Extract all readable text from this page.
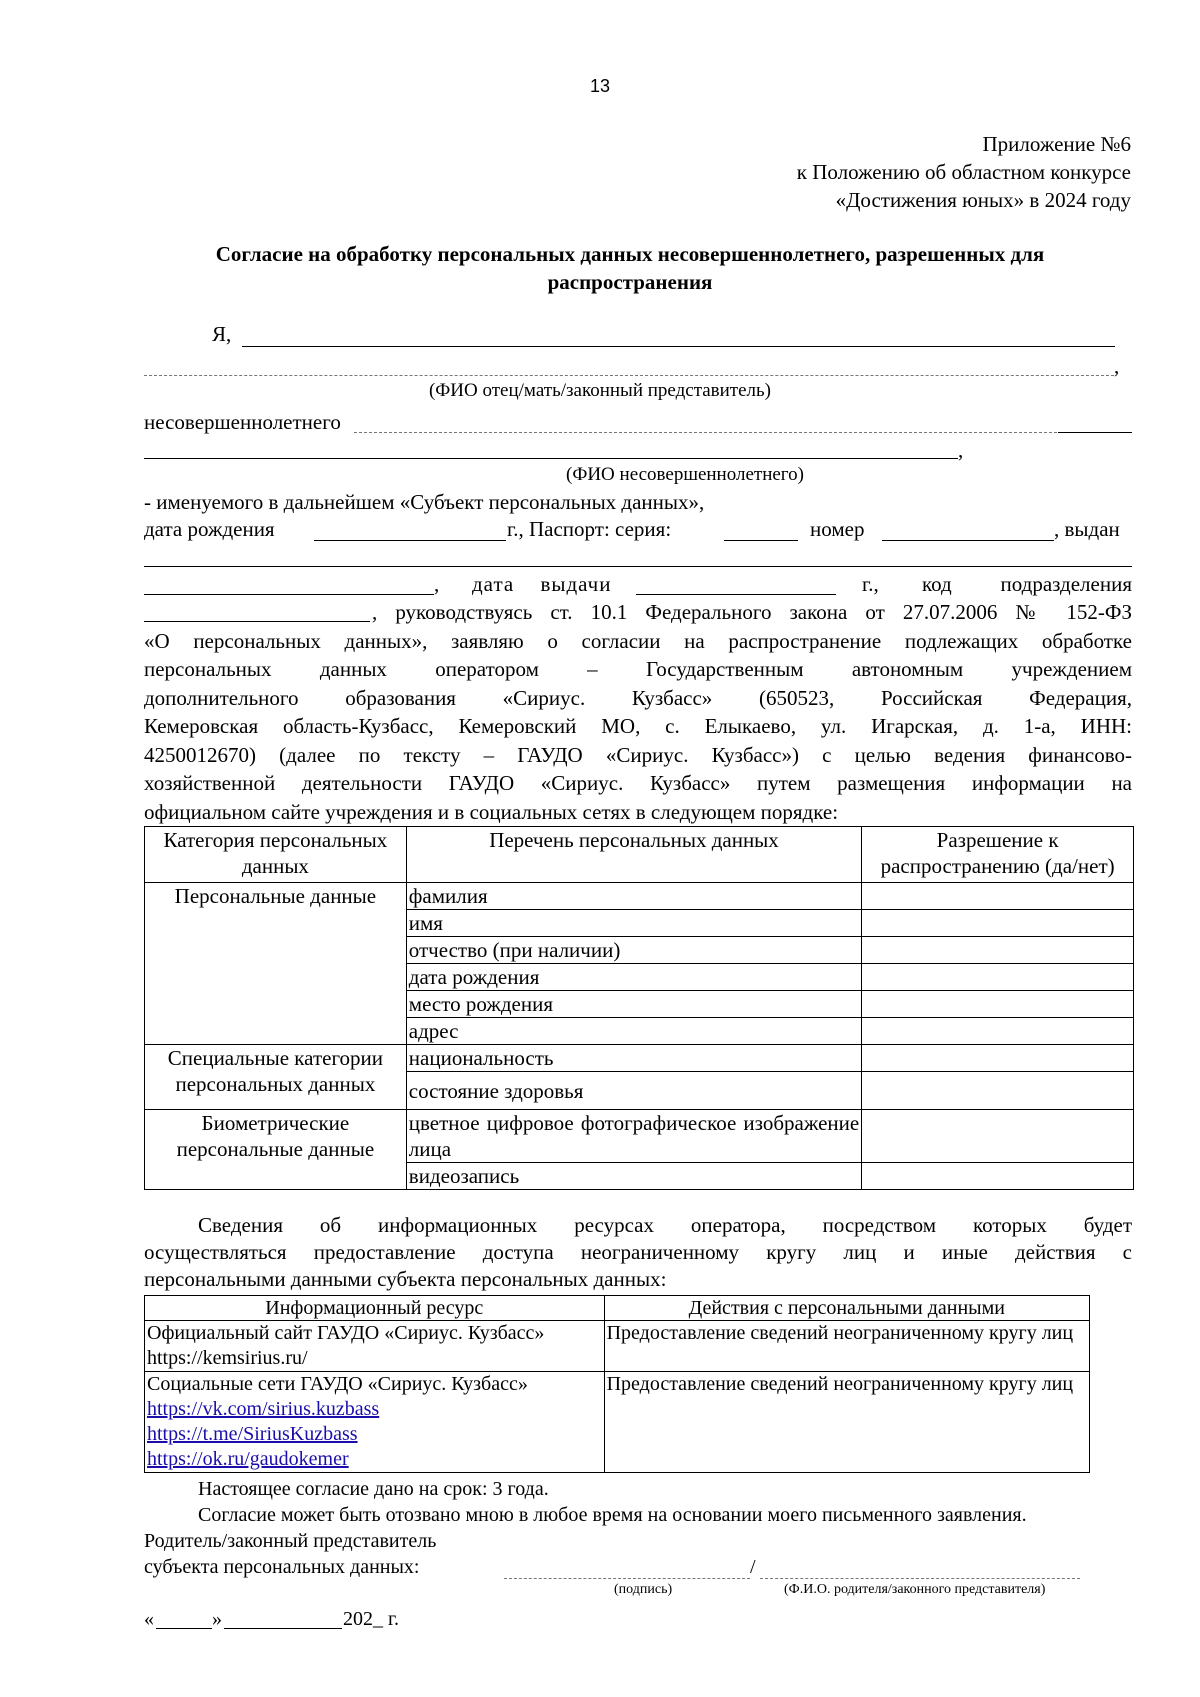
13
Приложение №6
к Положению об областном конкурсе
«Достижения юных» в 2024 году
Согласие на обработку персональных данных несовершеннолетнего, разрешенных для распространения
Я,
,
(ФИО отец/мать/законный представитель)
несовершеннолетнего
,
(ФИО несовершеннолетнего)
- именуемого в дальнейшем «Субъект персональных данных»,
дата рождения	г., Паспорт: серия:	номер	, выдан
, дата выдачи	г., код подразделения
, руководствуясь ст. 10.1 Федерального закона от 27.07.2006 № 152-ФЗ
«О персональных данных», заявляю о согласии на распространение подлежащих обработке
персональных данных оператором – Государственным автономным учреждением
дополнительного образования «Сириус. Кузбасс» (650523, Российская Федерация,
Кемеровская область-Кузбасс, Кемеровский МО, с. Елыкаево, ул. Игарская, д. 1-а, ИНН:
4250012670) (далее по тексту – ГАУДО «Сириус. Кузбасс») с целью ведения финансово-
хозяйственной деятельности ГАУДО «Сириус. Кузбасс» путем размещения информации на
официальном сайте учреждения и в социальных сетях в следующем порядке:
Категория персональных данных	Перечень персональных данных	Разрешение к распространению (да/нет)
Персональные данные	фамилия	
	имя	
	отчество (при наличии)	
	дата рождения	
	место рождения	
	адрес	
Специальные категории персональных данных	национальность	
	состояние здоровья	
Биометрические персональные данные	цветное цифровое фотографическое изображение лица	
	видеозапись	
Сведения об информационных ресурсах оператора, посредством которых будет
осуществляться предоставление доступа неограниченному кругу лиц и иные действия с
персональными данными субъекта персональных данных:
Информационный ресурс	Действия с персональными данными

Официальный сайт ГАУДО «Сириус. Кузбасс»
https://kemsirius.ru/	Предоставление сведений неограниченному кругу лиц

Социальные сети ГАУДО «Сириус. Кузбасс»
https://vk.com/sirius.kuzbass
https://t.me/SiriusKuzbass
https://ok.ru/gaudokemer	Предоставление сведений неограниченному кругу лиц
Настоящее согласие дано на срок: 3 года.
Согласие может быть отозвано мною в любое время на основании моего письменного заявления.
Родитель/законный представитель
субъекта персональных данных:	/
(подпись)	(Ф.И.О. родителя/законного представителя)
«	»	202_ г.
